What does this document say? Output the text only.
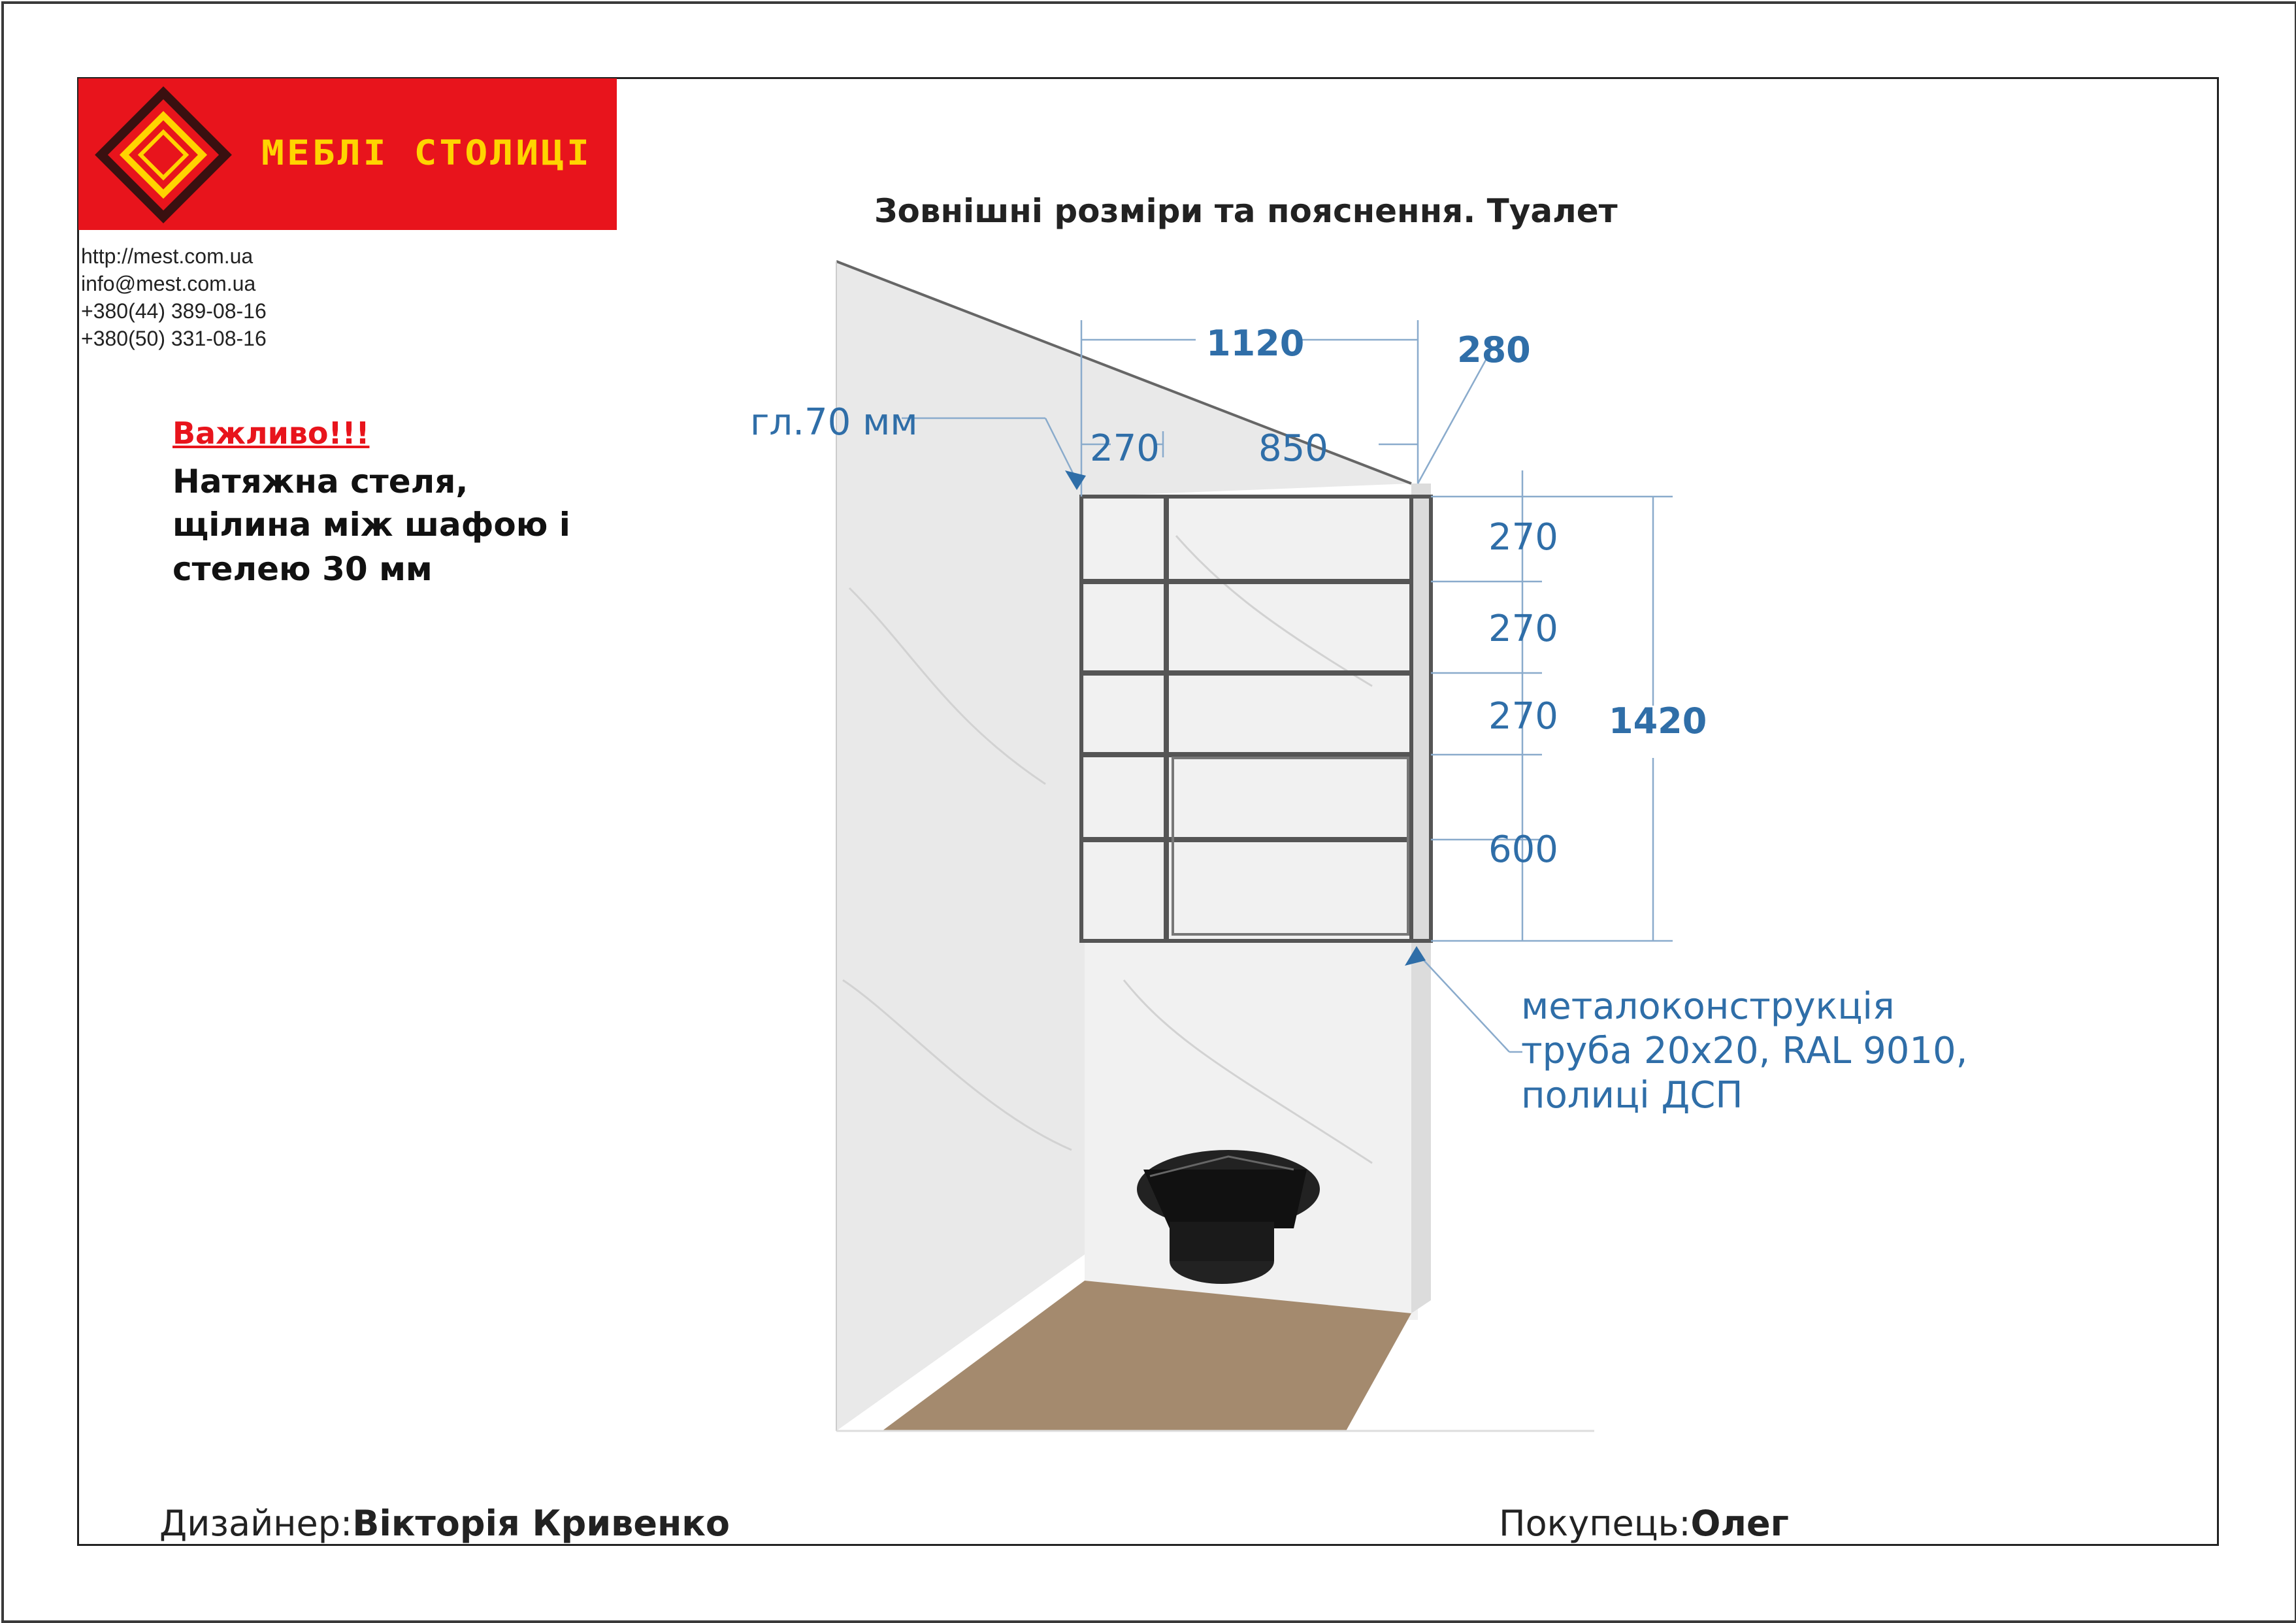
МЕБЛІ СТОЛИЦІ
http://mest.com.ua
info@mest.com.ua
+380(44) 389-08-16
+380(50) 331-08-16
Зовнішні розміри та пояснення. Туалет
Важливо!!!
Натяжна стеля,
щілина між шафою і
стелею 30 мм
1120	280
270	850
гл.70 мм
270
270
270
600
1420
металоконструкція
труба 20х20, RAL 9010,
полиці ДСП
Дизайнер:Вікторія Кривенко	Покупець:Олег
